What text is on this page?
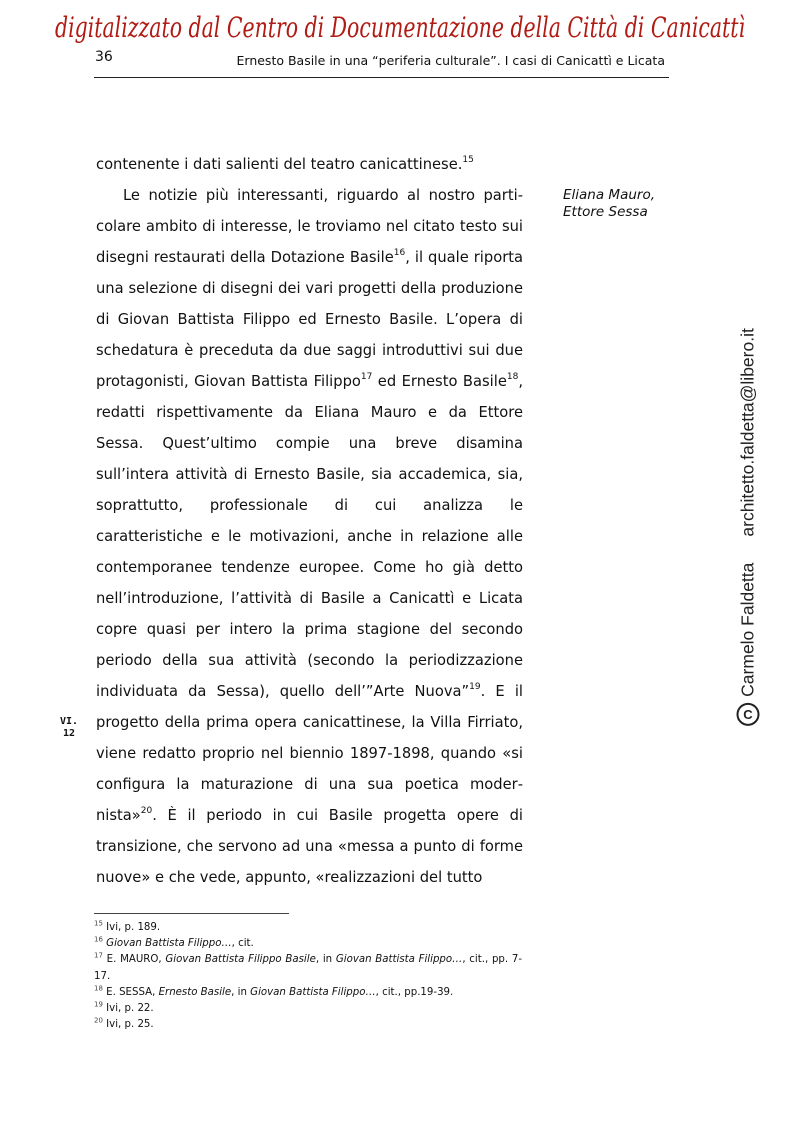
digitalizzato dal Centro di Documentazione della Città di Canicattì
36	Ernesto Basile in una “periferia culturale”. I casi di Canicattì e Licata

contenente i dati salienti del teatro canicattinese.$^{15}$

Le notizie più interessanti, riguardo al nostro particolare ambito di interesse, le troviamo nel citato testo sui disegni restaurati della Dotazione Basile$^{16}$, il quale riporta una selezione di disegni dei vari progetti della produzione di Giovan Battista Filippo ed Ernesto Basile. L’opera di schedatura è preceduta da due saggi introduttivi sui due protagonisti, Giovan Battista Filippo$^{17}$ ed Ernesto Basile$^{18}$, redatti rispettivamente da Eliana Mauro e da Ettore Sessa. Quest’ultimo compie una breve disamina sull’intera attività di Ernesto Basile, sia accademica, sia, soprattutto, professionale di cui analizza le caratteristiche e le motivazioni, anche in relazione alle contemporanee tendenze europee. Come ho già detto nell’introduzione, l’attività di Basile a Canicattì e Licata copre quasi per intero la prima stagione del secondo periodo della sua attività (secondo la periodizzazione individuata da Sessa), quello dell’”Arte Nuova”$^{19}$. E il progetto della prima opera canicattinese, la Villa Firriato, viene redatto proprio nel biennio 1897-1898, quando «si configura la maturazione di una sua poetica modernista»$^{20}$. È il periodo in cui Basile progetta opere di transizione, che servono ad una «messa a punto di forme nuove» e che vede, appunto, «realizzazioni del tutto

Eliana Mauro,
Ettore Sessa
VI.
12
C
Carmelo Faldetta
architetto.faldetta@libero.it

$^{15}$ Ivi, p. 189.

$^{16}$ Giovan Battista Filippo…, cit.

$^{17}$ E. MAURO, Giovan Battista Filippo Basile, in Giovan Battista Filippo…, cit., pp. 7-17.

$^{18}$ E. SESSA, Ernesto Basile, in Giovan Battista Filippo…, cit., pp.19-39.

$^{19}$ Ivi, p. 22.

$^{20}$ Ivi, p. 25.
